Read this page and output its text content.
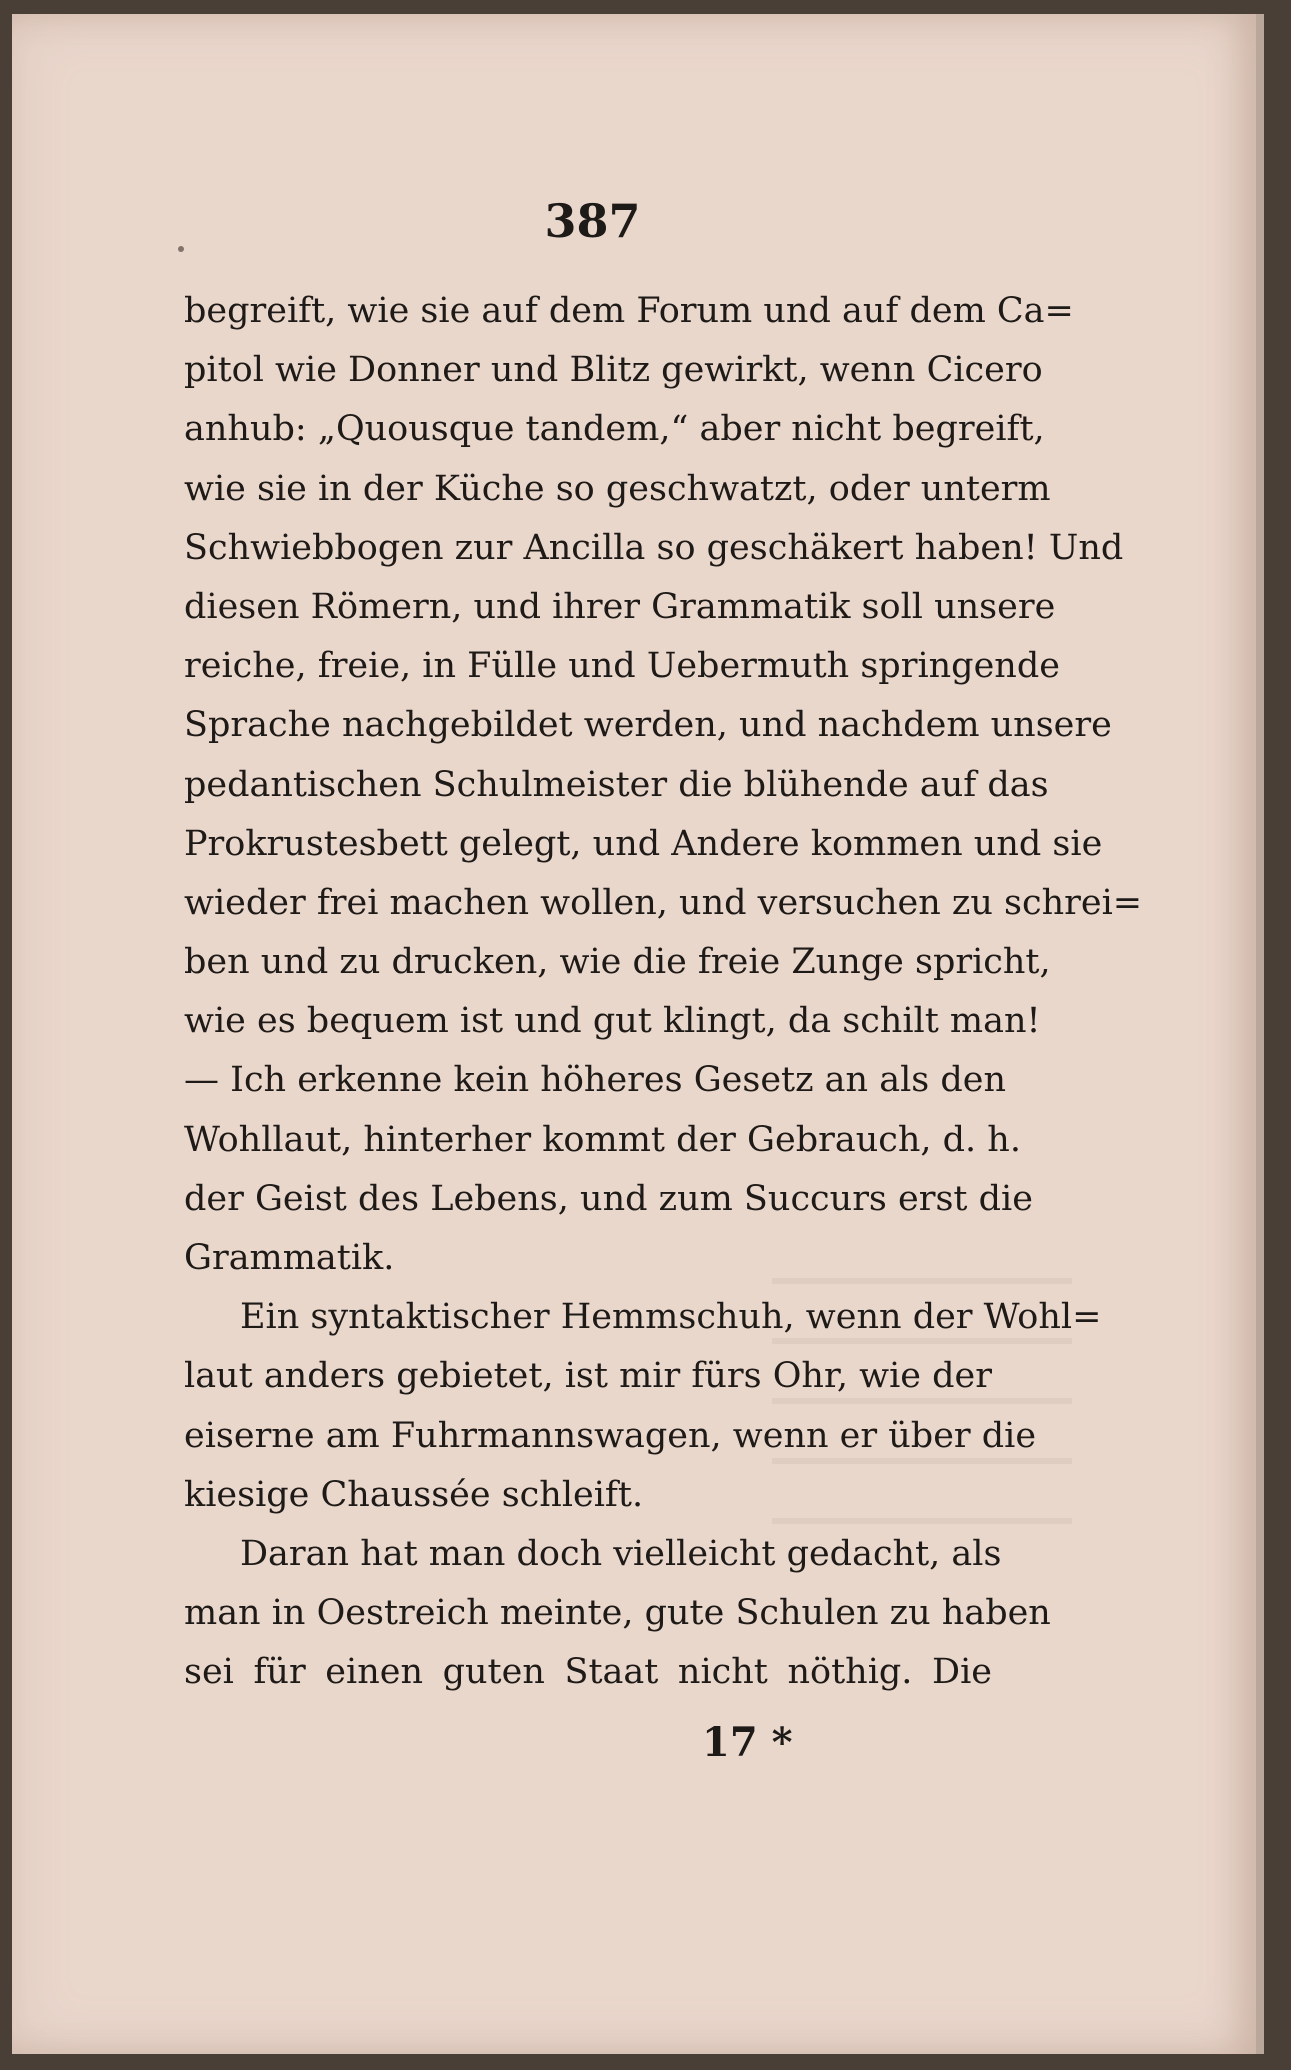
387
begreift, wie sie auf dem Forum und auf dem Ca=
pitol wie Donner und Blitz gewirkt, wenn Cicero
anhub: „Quousque tandem,“ aber nicht begreift,
wie sie in der Küche so geschwatzt, oder unterm
Schwiebbogen zur Ancilla so geschäkert haben! Und
diesen Römern, und ihrer Grammatik soll unsere
reiche, freie, in Fülle und Uebermuth springende
Sprache nachgebildet werden, und nachdem unsere
pedantischen Schulmeister die blühende auf das
Prokrustesbett gelegt, und Andere kommen und sie
wieder frei machen wollen, und versuchen zu schrei=
ben und zu drucken, wie die freie Zunge spricht,
wie es bequem ist und gut klingt, da schilt man!
— Ich erkenne kein höheres Gesetz an als den
Wohllaut, hinterher kommt der Gebrauch, d. h.
der Geist des Lebens, und zum Succurs erst die
Grammatik.
Ein syntaktischer Hemmschuh, wenn der Wohl=
laut anders gebietet, ist mir fürs Ohr, wie der
eiserne am Fuhrmannswagen, wenn er über die
kiesige Chaussée schleift.
Daran hat man doch vielleicht gedacht, als
man in Oestreich meinte, gute Schulen zu haben
sei für einen guten Staat nicht nöthig. Die
17 *
